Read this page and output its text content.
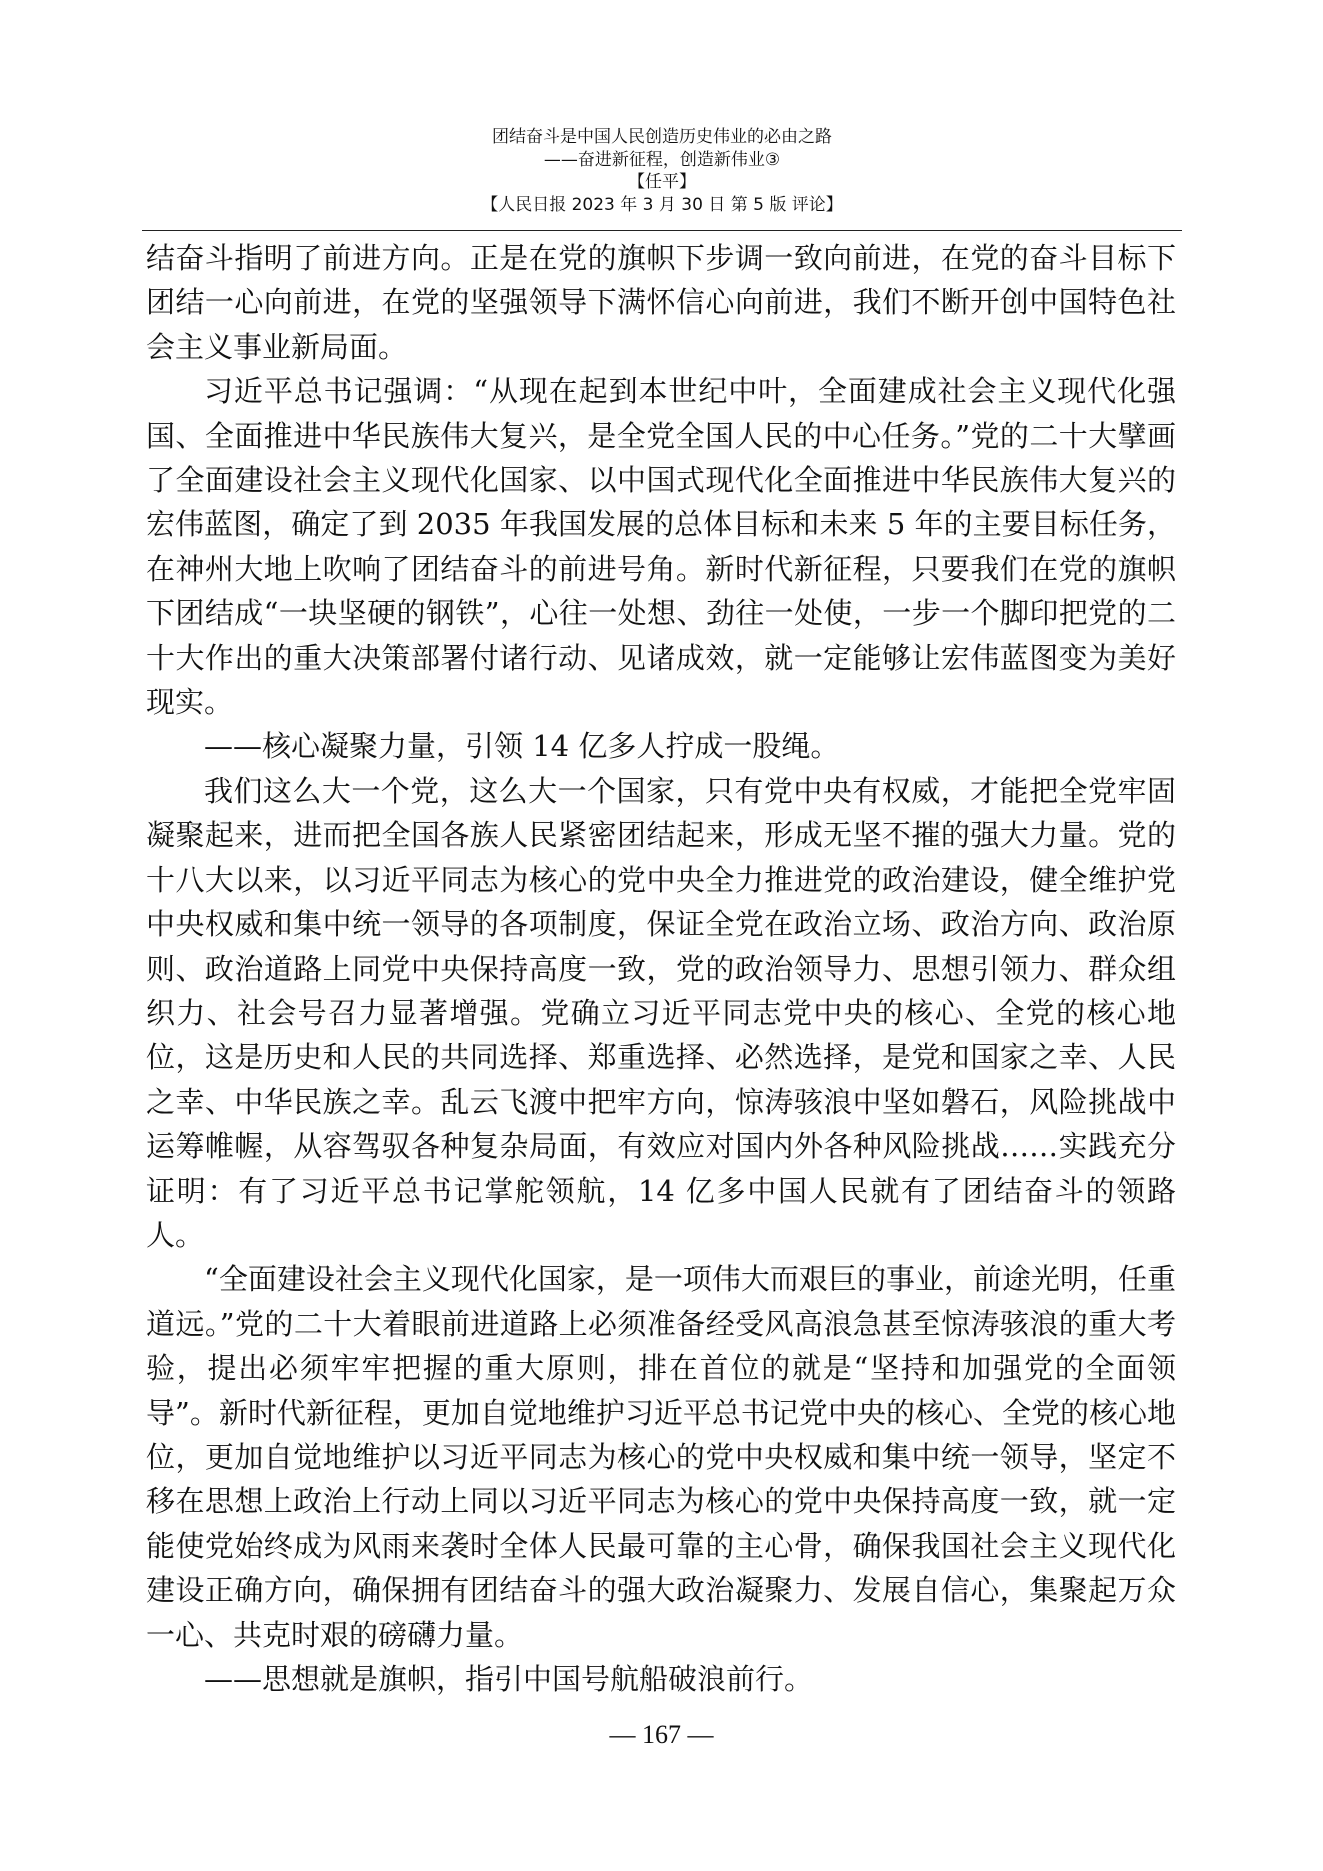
团结奋斗是中国人民创造历史伟业的必由之路
——奋进新征程，创造新伟业③
【任平】
【人民日报 2023 年 3 月 30 日 第 5 版 评论】

结奋斗指明了前进方向。正是在党的旗帜下步调一致向前进，在党的奋斗目标下团结一心向前进，在党的坚强领导下满怀信心向前进，我们不断开创中国特色社会主义事业新局面。

习近平总书记强调：“从现在起到本世纪中叶，全面建成社会主义现代化强国、全面推进中华民族伟大复兴，是全党全国人民的中心任务。”党的二十大擘画了全面建设社会主义现代化国家、以中国式现代化全面推进中华民族伟大复兴的宏伟蓝图，确定了到 2035 年我国发展的总体目标和未来 5 年的主要目标任务，在神州大地上吹响了团结奋斗的前进号角。新时代新征程，只要我们在党的旗帜下团结成“一块坚硬的钢铁”，心往一处想、劲往一处使，一步一个脚印把党的二十大作出的重大决策部署付诸行动、见诸成效，就一定能够让宏伟蓝图变为美好现实。

——核心凝聚力量，引领 14 亿多人拧成一股绳。

我们这么大一个党，这么大一个国家，只有党中央有权威，才能把全党牢固凝聚起来，进而把全国各族人民紧密团结起来，形成无坚不摧的强大力量。党的十八大以来，以习近平同志为核心的党中央全力推进党的政治建设，健全维护党中央权威和集中统一领导的各项制度，保证全党在政治立场、政治方向、政治原则、政治道路上同党中央保持高度一致，党的政治领导力、思想引领力、群众组织力、社会号召力显著增强。党确立习近平同志党中央的核心、全党的核心地位，这是历史和人民的共同选择、郑重选择、必然选择，是党和国家之幸、人民之幸、中华民族之幸。乱云飞渡中把牢方向，惊涛骇浪中坚如磐石，风险挑战中运筹帷幄，从容驾驭各种复杂局面，有效应对国内外各种风险挑战……实践充分证明：有了习近平总书记掌舵领航，14 亿多中国人民就有了团结奋斗的领路人。

“全面建设社会主义现代化国家，是一项伟大而艰巨的事业，前途光明，任重道远。”党的二十大着眼前进道路上必须准备经受风高浪急甚至惊涛骇浪的重大考验，提出必须牢牢把握的重大原则，排在首位的就是“坚持和加强党的全面领导”。新时代新征程，更加自觉地维护习近平总书记党中央的核心、全党的核心地位，更加自觉地维护以习近平同志为核心的党中央权威和集中统一领导，坚定不移在思想上政治上行动上同以习近平同志为核心的党中央保持高度一致，就一定能使党始终成为风雨来袭时全体人民最可靠的主心骨，确保我国社会主义现代化建设正确方向，确保拥有团结奋斗的强大政治凝聚力、发展自信心，集聚起万众一心、共克时艰的磅礴力量。

——思想就是旗帜，指引中国号航船破浪前行。

— 167 —
